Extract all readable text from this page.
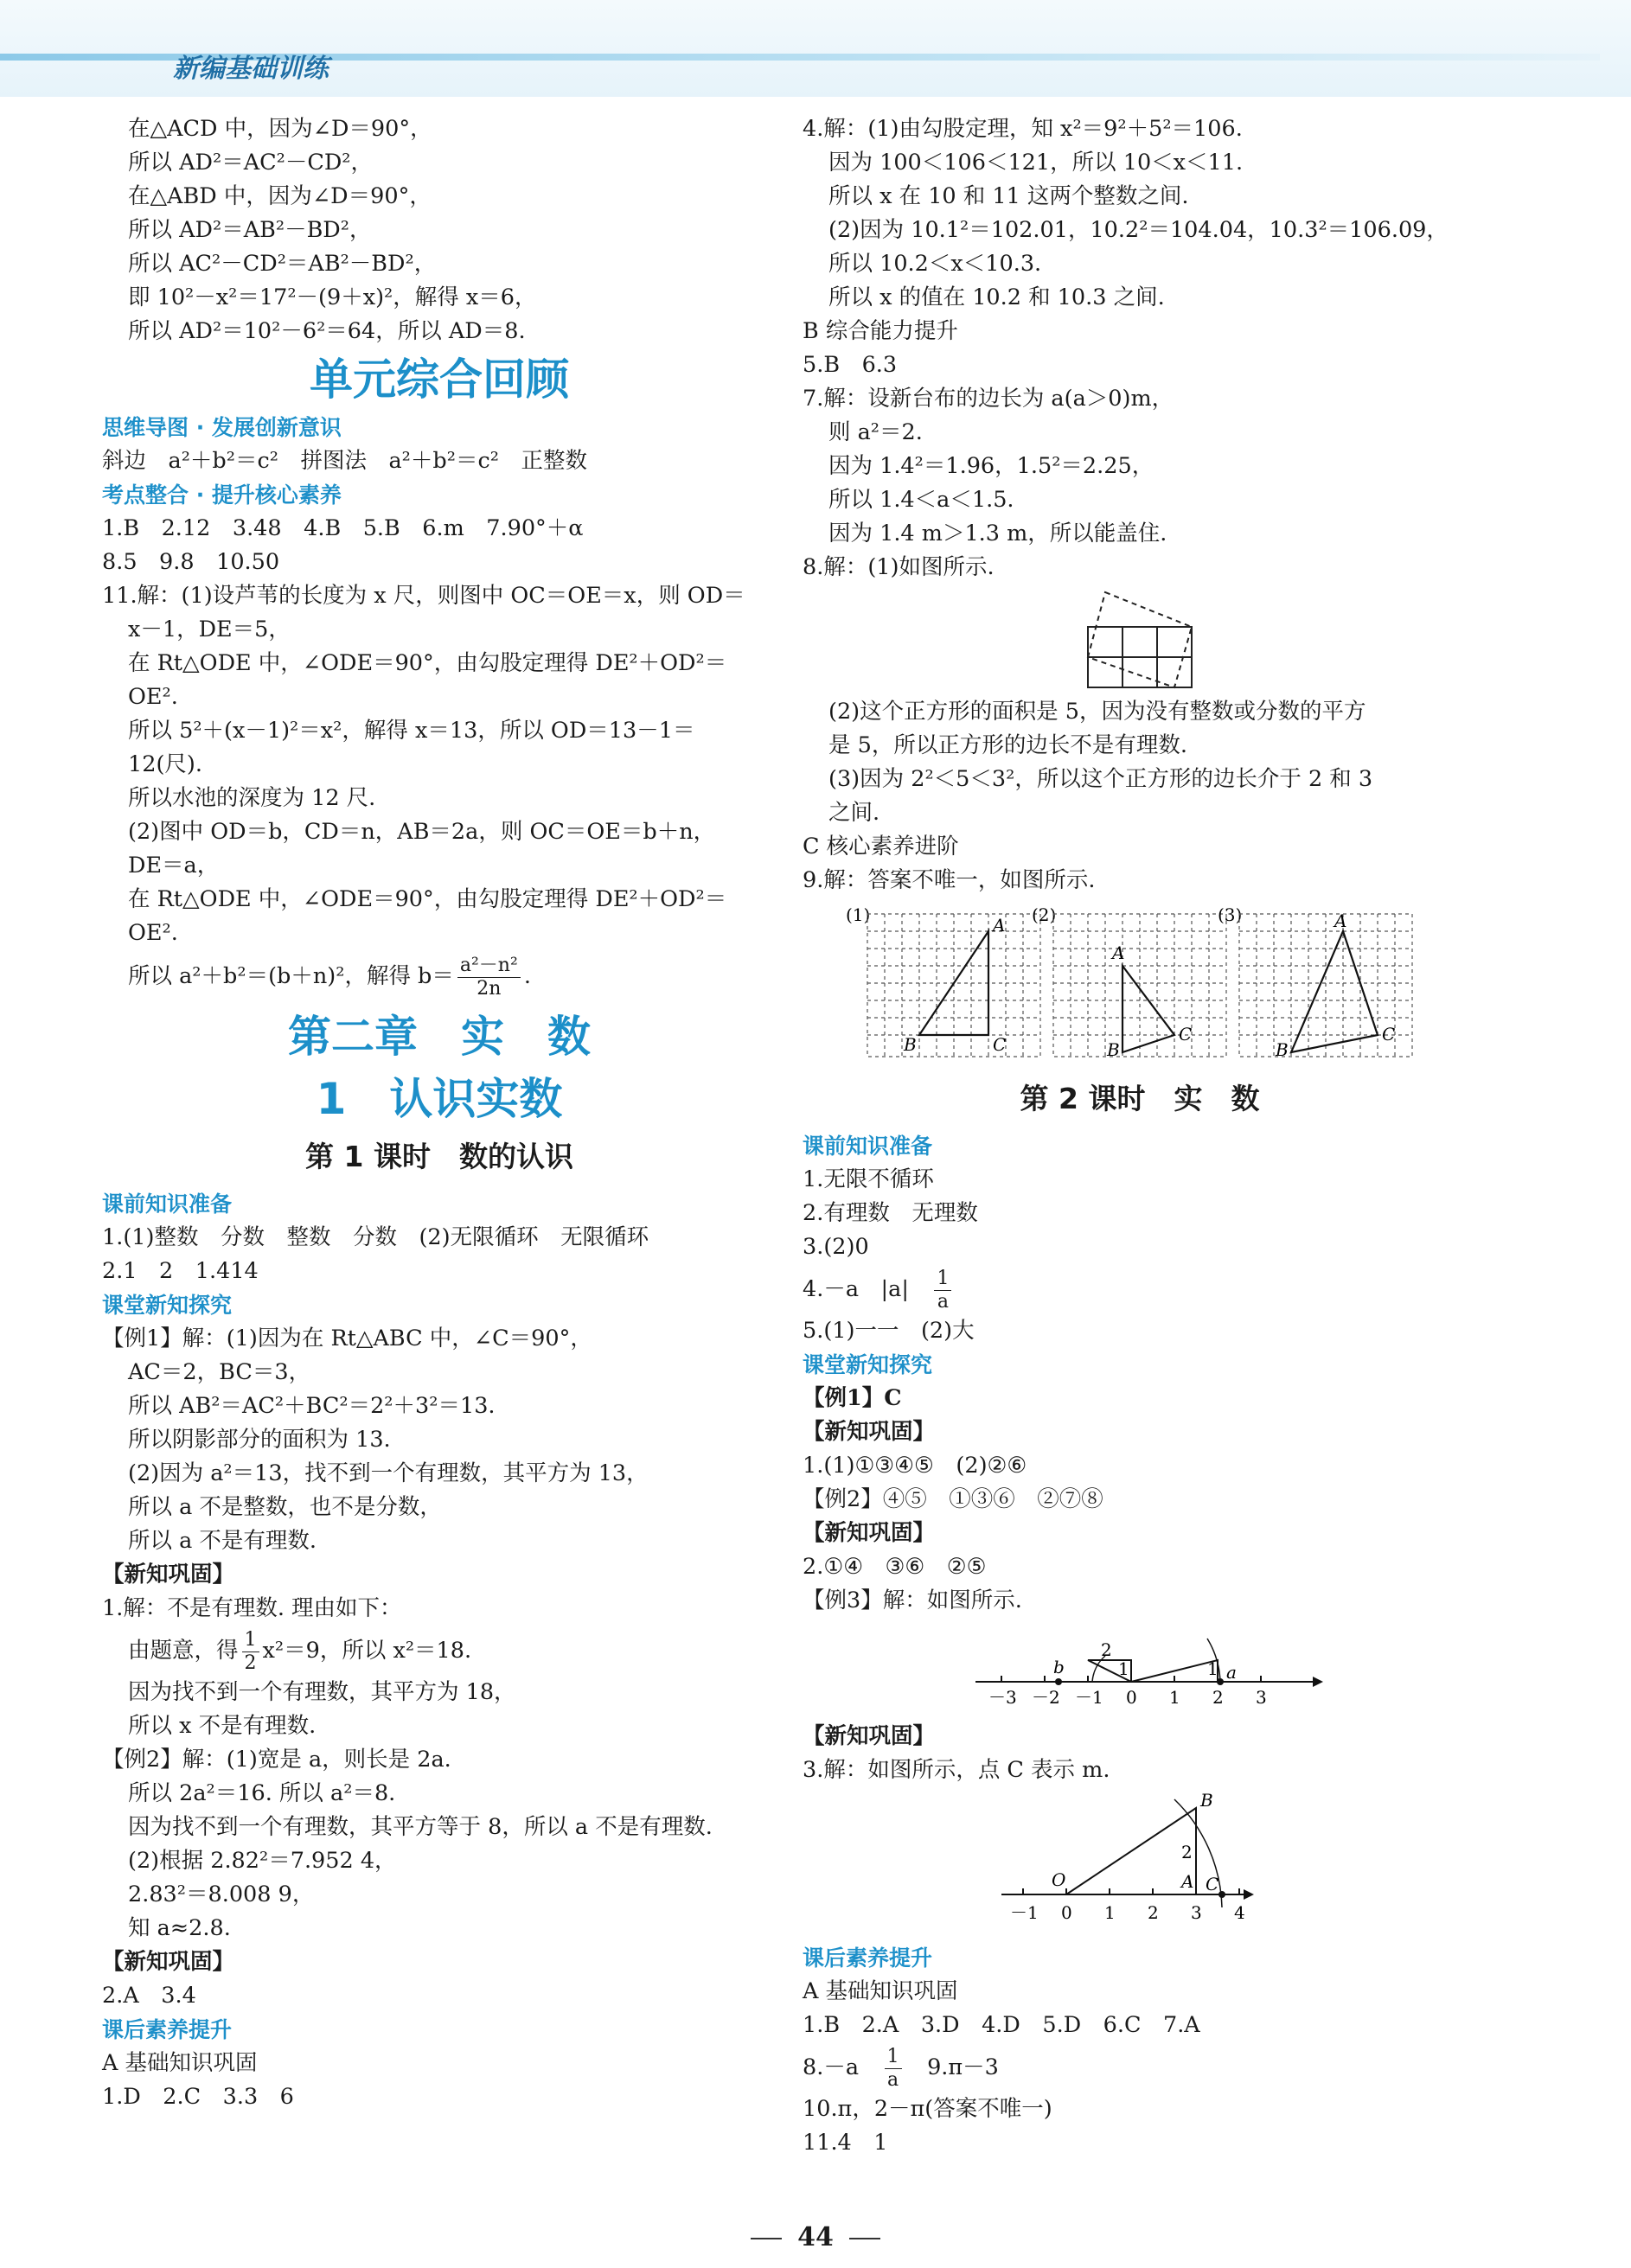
新编基础训练
在△ACD 中，因为∠D＝90°，
所以 AD²＝AC²－CD²，
在△ABD 中，因为∠D＝90°，
所以 AD²＝AB²－BD²，
所以 AC²－CD²＝AB²－BD²，
即 10²－x²＝17²－(9＋x)²，解得 x＝6，
所以 AD²＝10²－6²＝64，所以 AD＝8.
单元综合回顾
思维导图 · 发展创新意识
斜边　a²＋b²＝c²　拼图法　a²＋b²＝c²　正整数
考点整合 · 提升核心素养
1.B　2.12　3.48　4.B　5.B　6.m　7.90°＋α
8.5　9.8　10.50
11.解：(1)设芦苇的长度为 x 尺，则图中 OC＝OE＝x，则 OD＝
x－1，DE＝5，
在 Rt△ODE 中，∠ODE＝90°，由勾股定理得 DE²＋OD²＝
OE².
所以 5²＋(x－1)²＝x²，解得 x＝13，所以 OD＝13－1＝
12(尺).
所以水池的深度为 12 尺.
(2)图中 OD＝b，CD＝n，AB＝2a，则 OC＝OE＝b＋n，
DE＝a，
在 Rt△ODE 中，∠ODE＝90°，由勾股定理得 DE²＋OD²＝
OE².
所以 a²＋b²＝(b＋n)²，解得 $b= \frac{\text{a²－n²}}{2n}$ .
第二章　实　数
1　认识实数
第 1 课时　数的认识
课前知识准备
1.(1)整数　分数　整数　分数　(2)无限循环　无限循环
2.1　2　1.414
课堂新知探究
【例1】解：(1)因为在 Rt△ABC 中，∠C＝90°，
AC＝2，BC＝3，
所以 AB²＝AC²＋BC²＝2²＋3²＝13.
所以阴影部分的面积为 13.
(2)因为 a²＝13，找不到一个有理数，其平方为 13，
所以 a 不是整数，也不是分数，
所以 a 不是有理数.
【新知巩固】
1.解：不是有理数. 理由如下：
由题意，得 $\frac{1}{2} x^2=9$，所以 x²＝18.
因为找不到一个有理数，其平方为 18，
所以 x 不是有理数.
【例2】解：(1)宽是 a，则长是 2a.
所以 2a²＝16. 所以 a²＝8.
因为找不到一个有理数，其平方等于 8，所以 a 不是有理数.
(2)根据 2.82²＝7.952 4，
2.83²＝8.008 9，
知 a≈2.8.
【新知巩固】
2.A　3.4
课后素养提升
A 基础知识巩固
1.D　2.C　3.3　6
4.解：(1)由勾股定理，知 x²＝9²＋5²＝106.
因为 100＜106＜121，所以 10＜x＜11.
所以 x 在 10 和 11 这两个整数之间.
(2)因为 10.1²＝102.01，10.2²＝104.04，10.3²＝106.09，
所以 10.2＜x＜10.3.
所以 x 的值在 10.2 和 10.3 之间.
B 综合能力提升
5.B　6.3
7.解：设新台布的边长为 a(a＞0)m，
则 a²＝2.
因为 1.4²＝1.96，1.5²＝2.25，
所以 1.4＜a＜1.5.
因为 1.4 m＞1.3 m，所以能盖住.
8.解：(1)如图所示.
(2)这个正方形的面积是 5，因为没有整数或分数的平方
是 5，所以正方形的边长不是有理数.
(3)因为 2²＜5＜3²，所以这个正方形的边长介于 2 和 3
之间.
C 核心素养进阶
9.解：答案不唯一，如图所示.
(1)	A
B	C
(2)
A
B
C
(3)	A
B
C
第 2 课时　实　数
课前知识准备
1.无限不循环
2.有理数　无理数
3.(2)0
4.－a　|a|　 $\frac{1}{a}$
5.(1)一一　(2)大
课堂新知探究
【例1】C
【新知巩固】
1.(1)①③④⑤　(2)②⑥
【例2】④⑤　①③⑥　②⑦⑧
【新知巩固】
2.①④　③⑥　②⑤
【例3】解：如图所示.
－3 －2 －1 0 1 2 3
b	a
2
1	1
【新知巩固】
3.解：如图所示，点 C 表示 m.
－1 0 1 2 3 4
O	A
B
C
2
课后素养提升
A 基础知识巩固
1.B　2.A　3.D　4.D　5.D　6.C　7.A
8.－a　 $\frac{1}{a}$
　 9.π－3
10.π，2－π(答案不唯一)
11.4　1
44
